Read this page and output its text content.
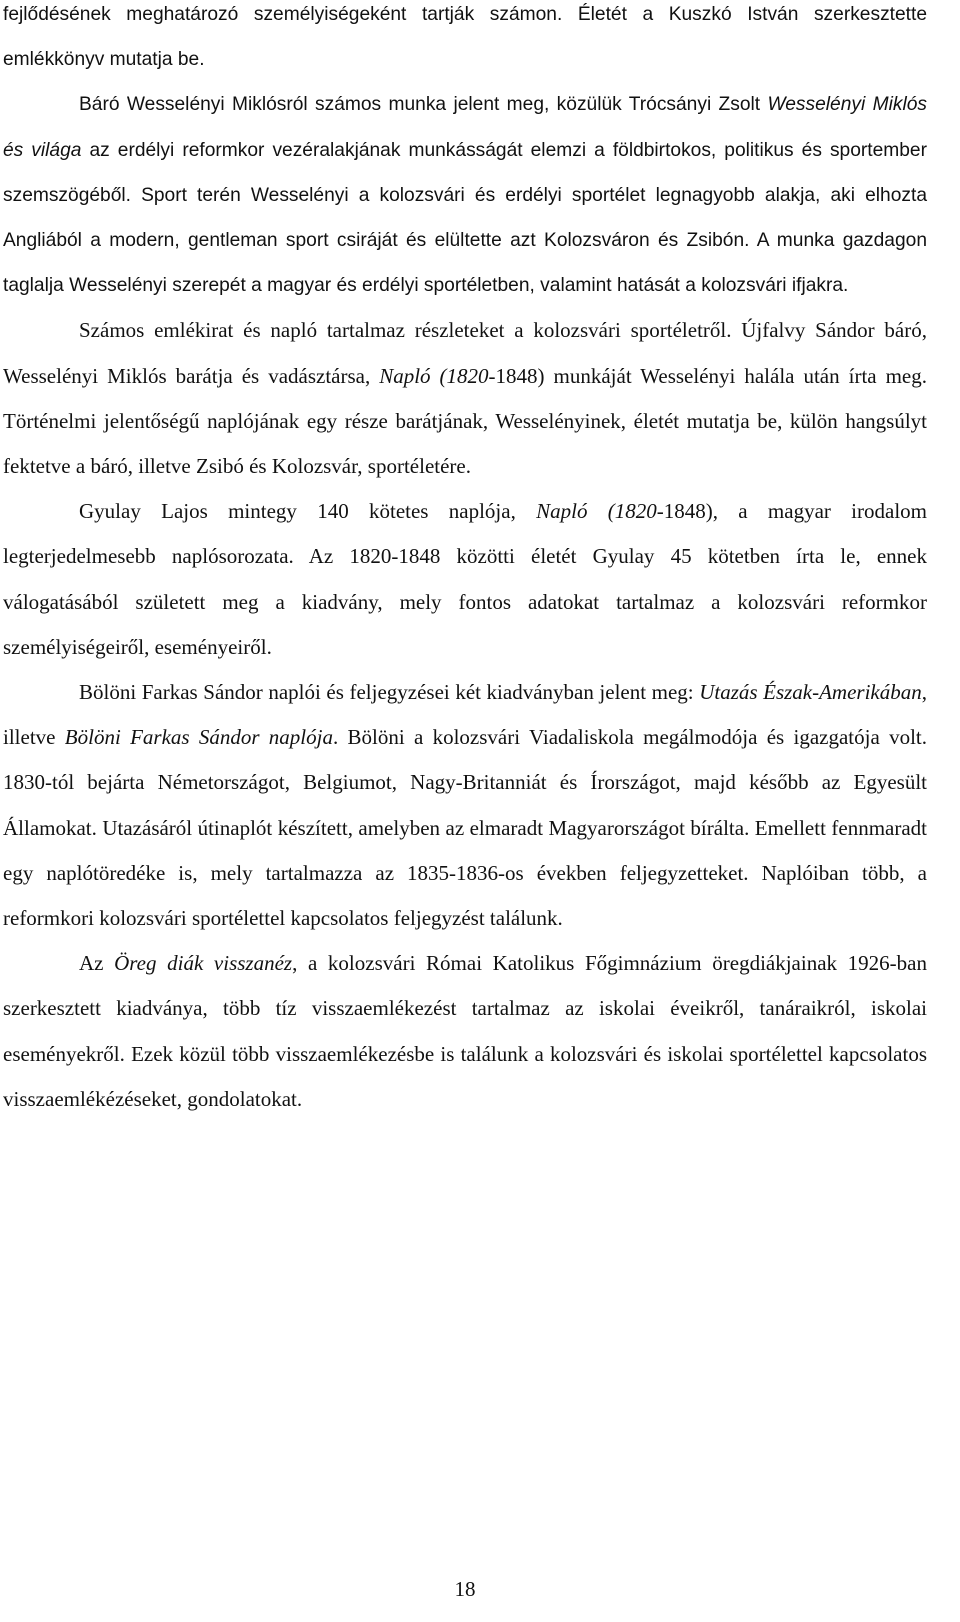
fejlődésének meghatározó személyiségeként tartják számon. Életét a Kuszkó István szerkesztette emlékkönyv mutatja be.

Báró Wesselényi Miklósról számos munka jelent meg, közülük Trócsányi Zsolt Wesselényi Miklós és világa az erdélyi reformkor vezéralakjának munkásságát elemzi a földbirtokos, politikus és sportember szemszögéből. Sport terén Wesselényi a kolozsvári és erdélyi sportélet legnagyobb alakja, aki elhozta Angliából a modern, gentleman sport csiráját és elültette azt Kolozsváron és Zsibón. A munka gazdagon taglalja Wesselényi szerepét a magyar és erdélyi sportéletben, valamint hatását a kolozsvári ifjakra.

Számos emlékirat és napló tartalmaz részleteket a kolozsvári sportéletről. Újfalvy Sándor báró, Wesselényi Miklós barátja és vadásztársa, Napló (1820-1848) munkáját Wesselényi halála után írta meg. Történelmi jelentőségű naplójának egy része barátjának, Wesselényinek, életét mutatja be, külön hangsúlyt fektetve a báró, illetve Zsibó és Kolozsvár, sportéletére.

Gyulay Lajos mintegy 140 kötetes naplója, Napló (1820-1848), a magyar irodalom legterjedelmesebb naplósorozata. Az 1820-1848 közötti életét Gyulay 45 kötetben írta le, ennek válogatásából született meg a kiadvány, mely fontos adatokat tartalmaz a kolozsvári reformkor személyiségeiről, eseményeiről.

Bölöni Farkas Sándor naplói és feljegyzései két kiadványban jelent meg: Utazás Észak-Amerikában, illetve Bölöni Farkas Sándor naplója. Bölöni a kolozsvári Viadaliskola megálmodója és igazgatója volt. 1830-tól bejárta Németországot, Belgiumot, Nagy-Britanniát és Írországot, majd később az Egyesült Államokat. Utazásáról útinaplót készített, amelyben az elmaradt Magyarországot bírálta. Emellett fennmaradt egy naplótöredéke is, mely tartalmazza az 1835-1836-os években feljegyzetteket. Naplóiban több, a reformkori kolozsvári sportélettel kapcsolatos feljegyzést találunk.

Az Öreg diák visszanéz, a kolozsvári Római Katolikus Főgimnázium öregdiákjainak 1926-ban szerkesztett kiadványa, több tíz visszaemlékezést tartalmaz az iskolai éveikről, tanáraikról, iskolai eseményekről. Ezek közül több visszaemlékezésbe is találunk a kolozsvári és iskolai sportélettel kapcsolatos visszaemlékézéseket, gondolatokat.

18
